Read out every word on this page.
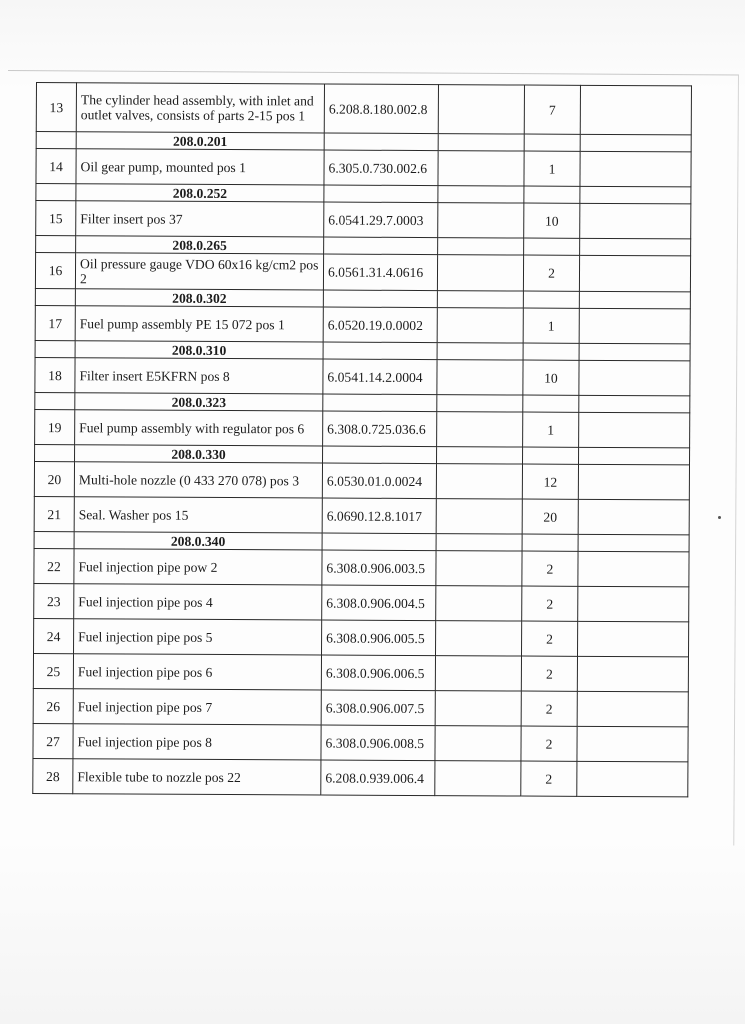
13	The cylinder head assembly, with inlet and outlet valves, consists of parts 2-15 pos 1	6.208.8.180.002.8		7	
	208.0.201				
14	Oil gear pump, mounted pos 1	6.305.0.730.002.6		1	
	208.0.252				
15	Filter insert pos 37	6.0541.29.7.0003		10	
	208.0.265				
16	Oil pressure gauge VDO 60x16 kg/cm2 pos 2	6.0561.31.4.0616		2	
	208.0.302				
17	Fuel pump assembly PE 15 072 pos 1	6.0520.19.0.0002		1	
	208.0.310				
18	Filter insert E5KFRN pos 8	6.0541.14.2.0004		10	
	208.0.323				
19	Fuel pump assembly with regulator pos 6	6.308.0.725.036.6		1	
	208.0.330				
20	Multi-hole nozzle (0 433 270 078) pos 3	6.0530.01.0.0024		12	
21	Seal. Washer pos 15	6.0690.12.8.1017		20	
	208.0.340				
22	Fuel injection pipe pow 2	6.308.0.906.003.5		2	
23	Fuel injection pipe pos 4	6.308.0.906.004.5		2	
24	Fuel injection pipe pos 5	6.308.0.906.005.5		2	
25	Fuel injection pipe pos 6	6.308.0.906.006.5		2	
26	Fuel injection pipe pos 7	6.308.0.906.007.5		2	
27	Fuel injection pipe pos 8	6.308.0.906.008.5		2	
28	Flexible tube to nozzle pos 22	6.208.0.939.006.4		2	
